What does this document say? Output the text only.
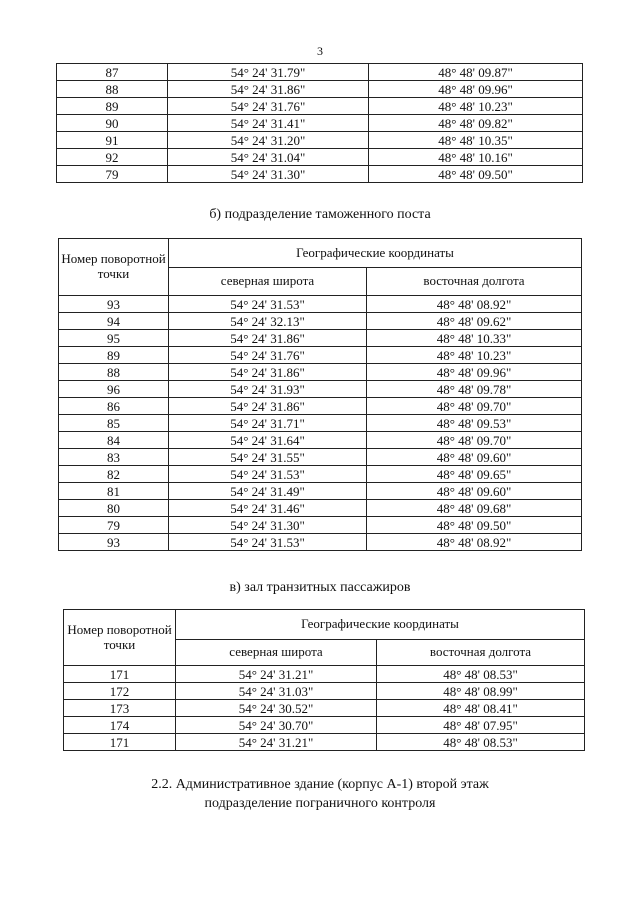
3
87	54° 24' 31.79"	48° 48' 09.87"
88	54° 24' 31.86"	48° 48' 09.96"
89	54° 24' 31.76"	48° 48' 10.23"
90	54° 24' 31.41"	48° 48' 09.82"
91	54° 24' 31.20"	48° 48' 10.35"
92	54° 24' 31.04"	48° 48' 10.16"
79	54° 24' 31.30"	48° 48' 09.50"
б) подразделение таможенного поста
Номер поворотной точки	Географические координаты	
	северная широта	восточная долгота
93	54° 24' 31.53"	48° 48' 08.92"
94	54° 24' 32.13"	48° 48' 09.62"
95	54° 24' 31.86"	48° 48' 10.33"
89	54° 24' 31.76"	48° 48' 10.23"
88	54° 24' 31.86"	48° 48' 09.96"
96	54° 24' 31.93"	48° 48' 09.78"
86	54° 24' 31.86"	48° 48' 09.70"
85	54° 24' 31.71"	48° 48' 09.53"
84	54° 24' 31.64"	48° 48' 09.70"
83	54° 24' 31.55"	48° 48' 09.60"
82	54° 24' 31.53"	48° 48' 09.65"
81	54° 24' 31.49"	48° 48' 09.60"
80	54° 24' 31.46"	48° 48' 09.68"
79	54° 24' 31.30"	48° 48' 09.50"
93	54° 24' 31.53"	48° 48' 08.92"
в) зал транзитных пассажиров
Номер поворотной точки	Географические координаты	
	северная широта	восточная долгота
171	54° 24' 31.21"	48° 48' 08.53"
172	54° 24' 31.03"	48° 48' 08.99"
173	54° 24' 30.52"	48° 48' 08.41"
174	54° 24' 30.70"	48° 48' 07.95"
171	54° 24' 31.21"	48° 48' 08.53"
2.2. Административное здание (корпус А-1) второй этаж
подразделение пограничного контроля
